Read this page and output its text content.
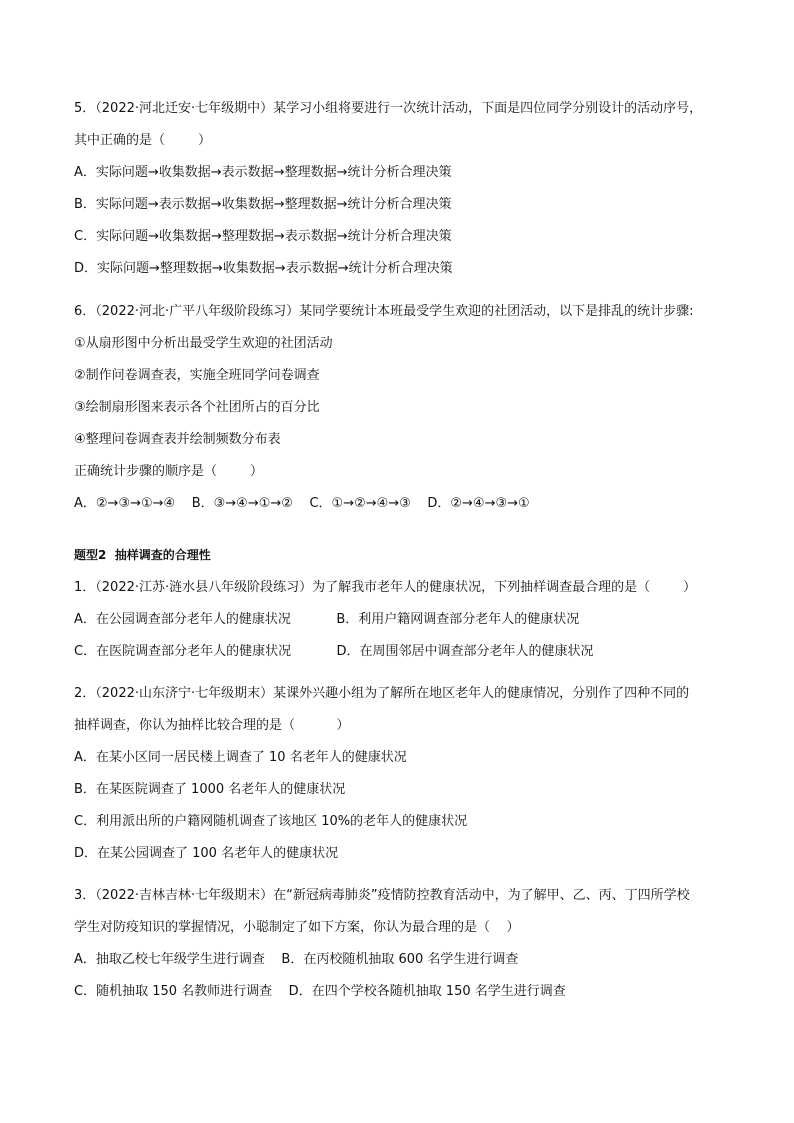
5．（2022·河北迁安·七年级期中）某学习小组将要进行一次统计活动，下面是四位同学分别设计的活动序号，
其中正确的是（        ）
A．实际问题→收集数据→表示数据→整理数据→统计分析合理决策
B．实际问题→表示数据→收集数据→整理数据→统计分析合理决策
C．实际问题→收集数据→整理数据→表示数据→统计分析合理决策
D．实际问题→整理数据→收集数据→表示数据→统计分析合理决策
6．（2022·河北·广平八年级阶段练习）某同学要统计本班最受学生欢迎的社团活动，以下是排乱的统计步骤:
①从扇形图中分析出最受学生欢迎的社团活动
②制作问卷调查表，实施全班同学问卷调查
③绘制扇形图来表示各个社团所占的百分比
④整理问卷调查表并绘制频数分布表
正确统计步骤的顺序是（        ）
A．②→③→①→④    B．③→④→①→②    C．①→②→④→③    D．②→④→③→①
题型2  抽样调查的合理性
1．（2022·江苏·涟水县八年级阶段练习）为了解我市老年人的健康状况，下列抽样调查最合理的是（        ）
A．在公园调查部分老年人的健康状况           B．利用户籍网调查部分老年人的健康状况
C．在医院调查部分老年人的健康状况           D．在周围邻居中调查部分老年人的健康状况
2．（2022·山东济宁·七年级期末）某课外兴趣小组为了解所在地区老年人的健康情况，分别作了四种不同的
抽样调查，你认为抽样比较合理的是（          ）
A．在某小区同一居民楼上调查了 10 名老年人的健康状况
B．在某医院调查了 1000 名老年人的健康状况
C．利用派出所的户籍网随机调查了该地区 10%的老年人的健康状况
D．在某公园调查了 100 名老年人的健康状况
3．（2022·吉林吉林·七年级期末）在“新冠病毒肺炎”疫情防控教育活动中，为了解甲、乙、丙、丁四所学校
学生对防疫知识的掌握情况，小聪制定了如下方案，你认为最合理的是（    ）
A．抽取乙校七年级学生进行调查    B．在丙校随机抽取 600 名学生进行调查
C．随机抽取 150 名教师进行调查    D．在四个学校各随机抽取 150 名学生进行调查
